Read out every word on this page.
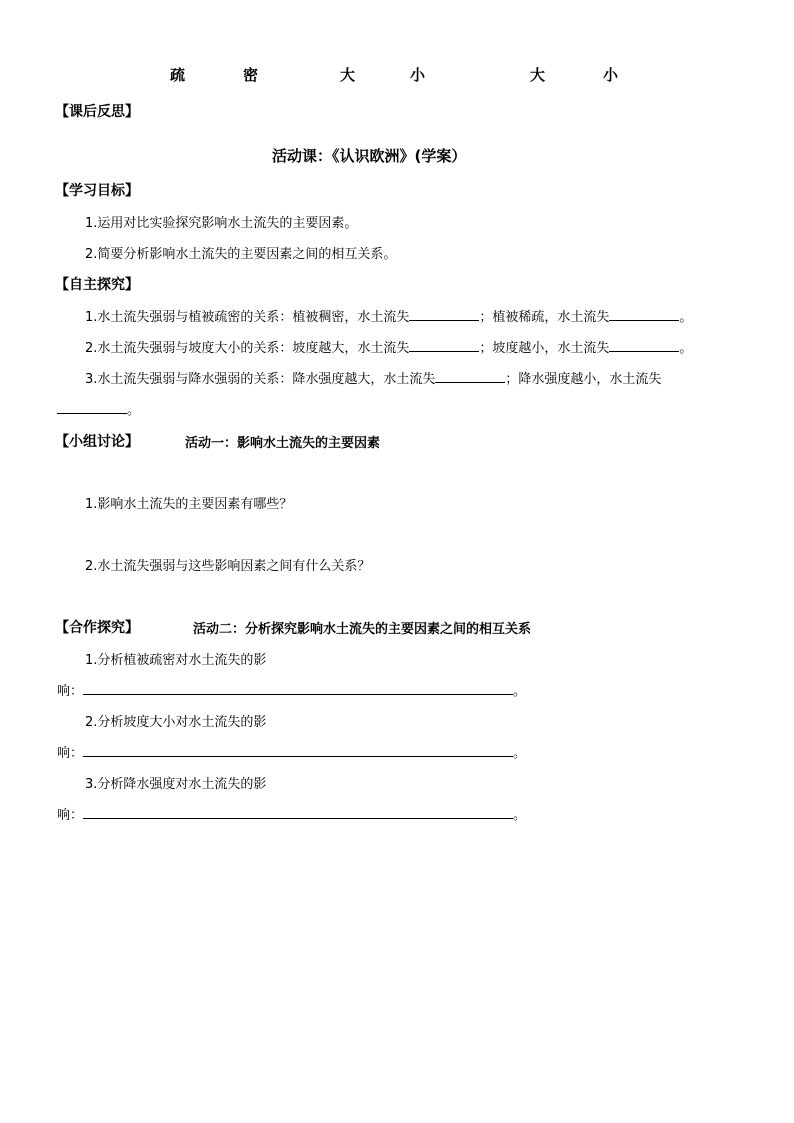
疏	密	大	小	大	小
【课后反思】
活动课：《认识欧洲》(学案）
【学习目标】
1.运用对比实验探究影响水土流失的主要因素。
2.简要分析影响水土流失的主要因素之间的相互关系。
【自主探究】
1.水土流失强弱与植被疏密的关系：植被稠密，水土流失	；植被稀疏，水土流失	。
2.水土流失强弱与坡度大小的关系：坡度越大，水土流失	；坡度越小，水土流失	。
3.水土流失强弱与降水强弱的关系：降水强度越大，水土流失	；降水强度越小，水土流失
。
【小组讨论】	活动一：影响水土流失的主要因素
1.影响水土流失的主要因素有哪些？
2.水土流失强弱与这些影响因素之间有什么关系？
【合作探究】	活动二：分析探究影响水土流失的主要因素之间的相互关系
1.分析植被疏密对水土流失的影
响：	。
2.分析坡度大小对水土流失的影
响：	。
3.分析降水强度对水土流失的影
响：	。
